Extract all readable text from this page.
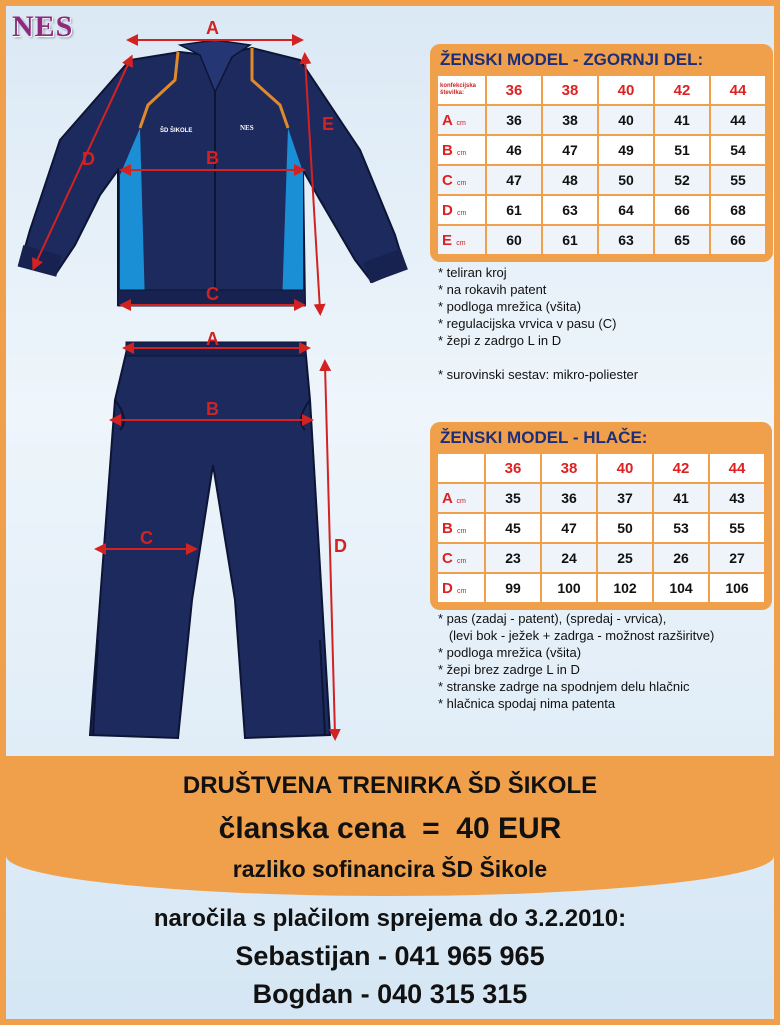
NES
ŠD ŠIKOLE	NES
A
B
C
D
E
A
B
C	D
ŽENSKI MODEL - ZGORNJI DEL:
konfekcijska številka:	36	38	40	42	44
A cm	36	38	40	41	44
B cm	46	47	49	51	54
C cm	47	48	50	52	55
D cm	61	63	64	66	68
E cm	60	61	63	65	66
* teliran kroj
* na rokavih patent
* podloga mrežica (všita)
* regulacijska vrvica v pasu (C)
* žepi z zadrgo L in D
* surovinski sestav: mikro-poliester
ŽENSKI MODEL - HLAČE:
	36	38	40	42	44
A cm	35	36	37	41	43
B cm	45	47	50	53	55
C cm	23	24	25	26	27
D cm	99	100	102	104	106
* pas (zadaj - patent), (spredaj - vrvica),
(levi bok - ježek + zadrga - možnost razširitve)
* podloga mrežica (všita)
* žepi brez zadrge L in D
* stranske zadrge na spodnjem delu hlačnic
* hlačnica spodaj nima patenta
DRUŠTVENA TRENIRKA ŠD ŠIKOLE
članska cena  =  40 EUR
razliko sofinancira ŠD Šikole
naročila s plačilom sprejema do 3.2.2010:
Sebastijan - 041 965 965
Bogdan - 040 315 315
